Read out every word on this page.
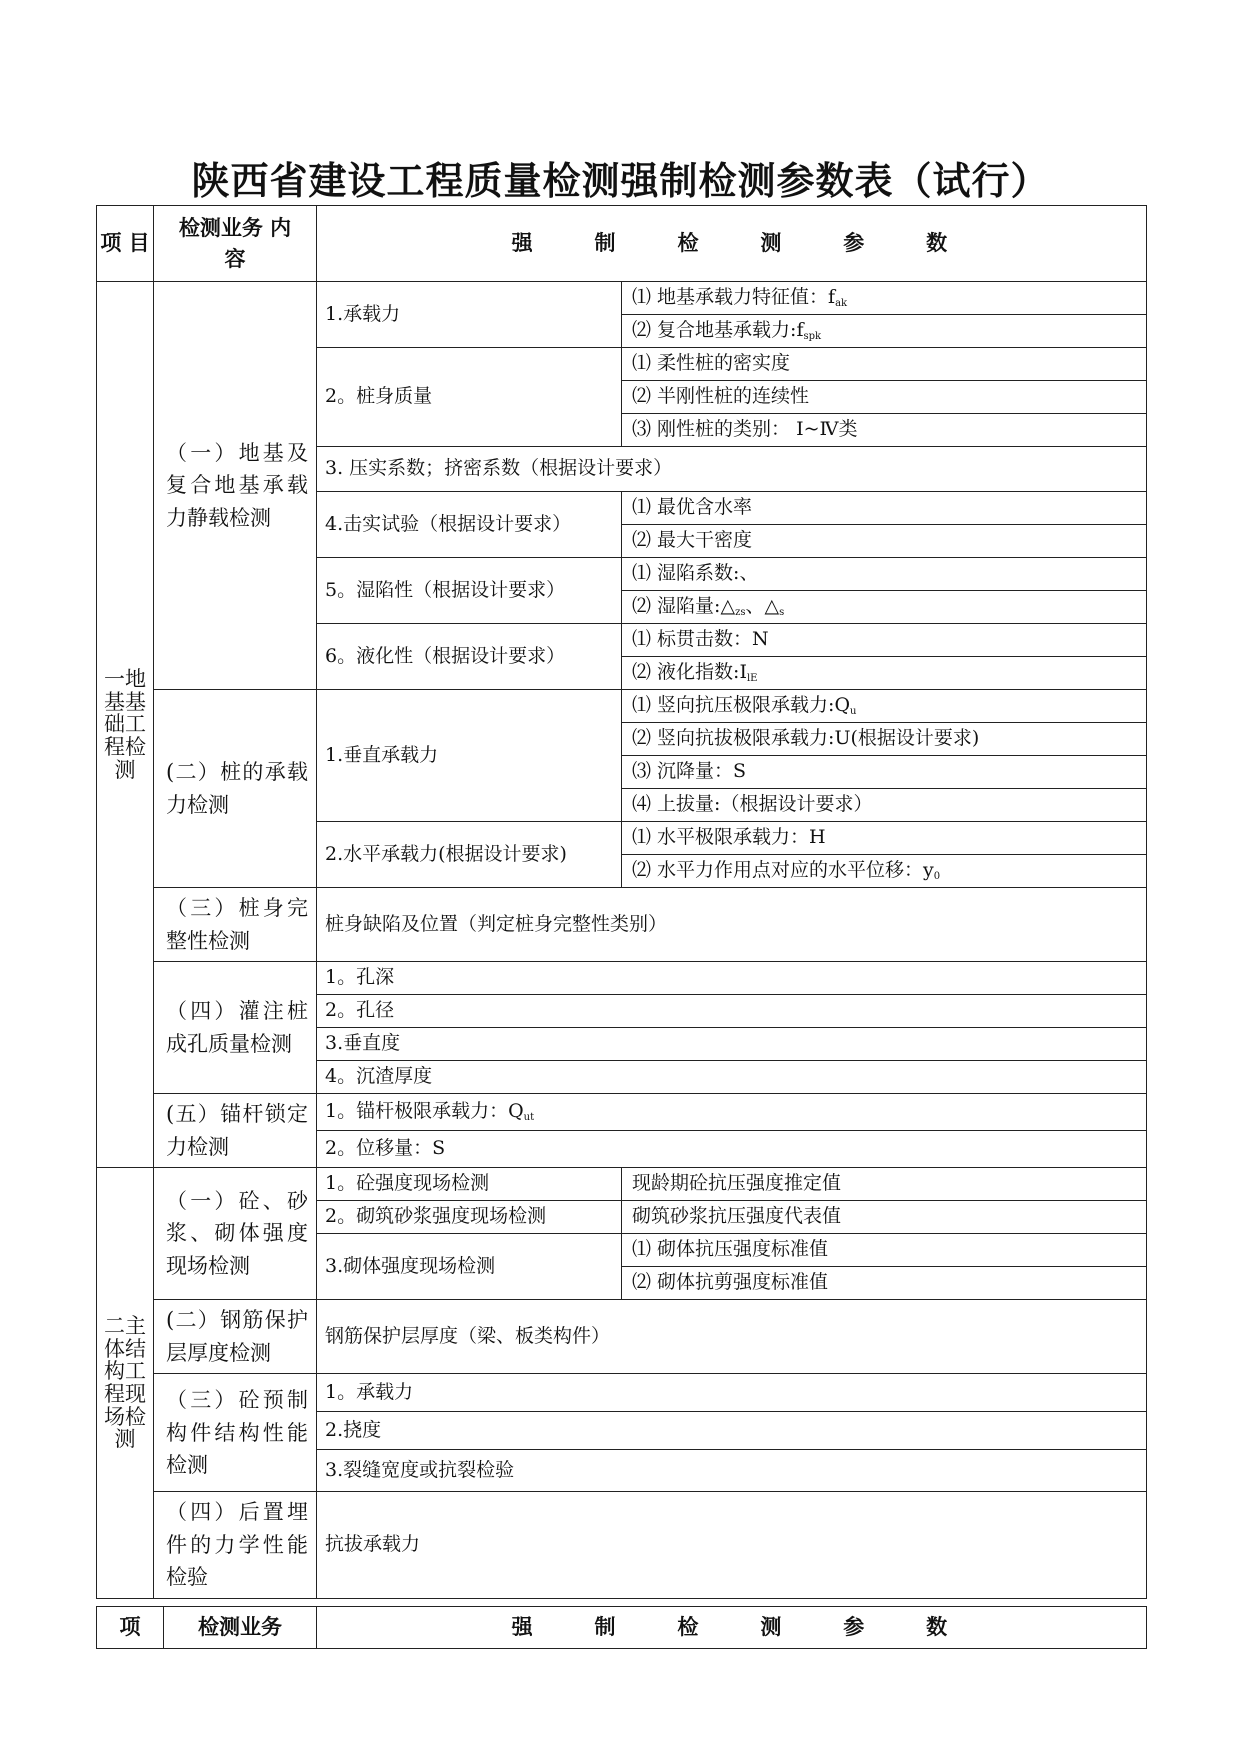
陕西省建设工程质量检测强制检测参数表（试行）
项 目	检测业务 内　　容	强 制 检 测 参 数	
一地基基础工程检测	（一）地基及复合地基承载力静载检测	1.承载力	⑴ 地基承载力特征值：$f_{ak}$
			⑵ 复合地基承载力$:f_{spk}$
		2。桩身质量	⑴ 柔性桩的密实度
			⑵ 半刚性桩的连续性
			⑶ 刚性桩的类别： Ⅰ~Ⅳ类
		3. 压实系数；挤密系数（根据设计要求）	
		4.击实试验（根据设计要求）	⑴ 最优含水率
			⑵ 最大干密度
		5。湿陷性（根据设计要求）	⑴ 湿陷系数:、
			⑵ 湿陷量$:\triangle_{zs}$、$\triangle_s$
		6。液化性（根据设计要求）	⑴ 标贯击数：N
			⑵ 液化指数$:I_{lE}$
	(二）桩的承载力检测	1.垂直承载力	⑴ 竖向抗压极限承载力$:Q_u$
			⑵ 竖向抗拔极限承载力:U(根据设计要求)
			⑶ 沉降量：S
			⑷ 上拔量:（根据设计要求）
		2.水平承载力(根据设计要求)	⑴ 水平极限承载力：H
			⑵ 水平力作用点对应的水平位移：$y_0$
	（三）桩身完整性检测	桩身缺陷及位置（判定桩身完整性类别）	
	（四）灌注桩成孔质量检测	1。孔深	
		2。孔径	
		3.垂直度	
		4。沉渣厚度	
	(五）锚杆锁定力检测	1。锚杆极限承载力：$Q_{ut}$
		2。位移量：S	
二主体结构工程现场检测	（一）砼、砂浆、砌体强度现场检测	1。砼强度现场检测	现龄期砼抗压强度推定值
		2。砌筑砂浆强度现场检测	砌筑砂浆抗压强度代表值
		3.砌体强度现场检测	⑴ 砌体抗压强度标准值
			⑵ 砌体抗剪强度标准值
	(二）钢筋保护层厚度检测	钢筋保护层厚度（梁、板类构件）	
	（三）砼预制构件结构性能检测	1。承载力	
		2.挠度	
		3.裂缝宽度或抗裂检验	
	（四）后置埋件的力学性能检验	抗拔承载力	
项	检测业务	强 制 检 测 参 数
